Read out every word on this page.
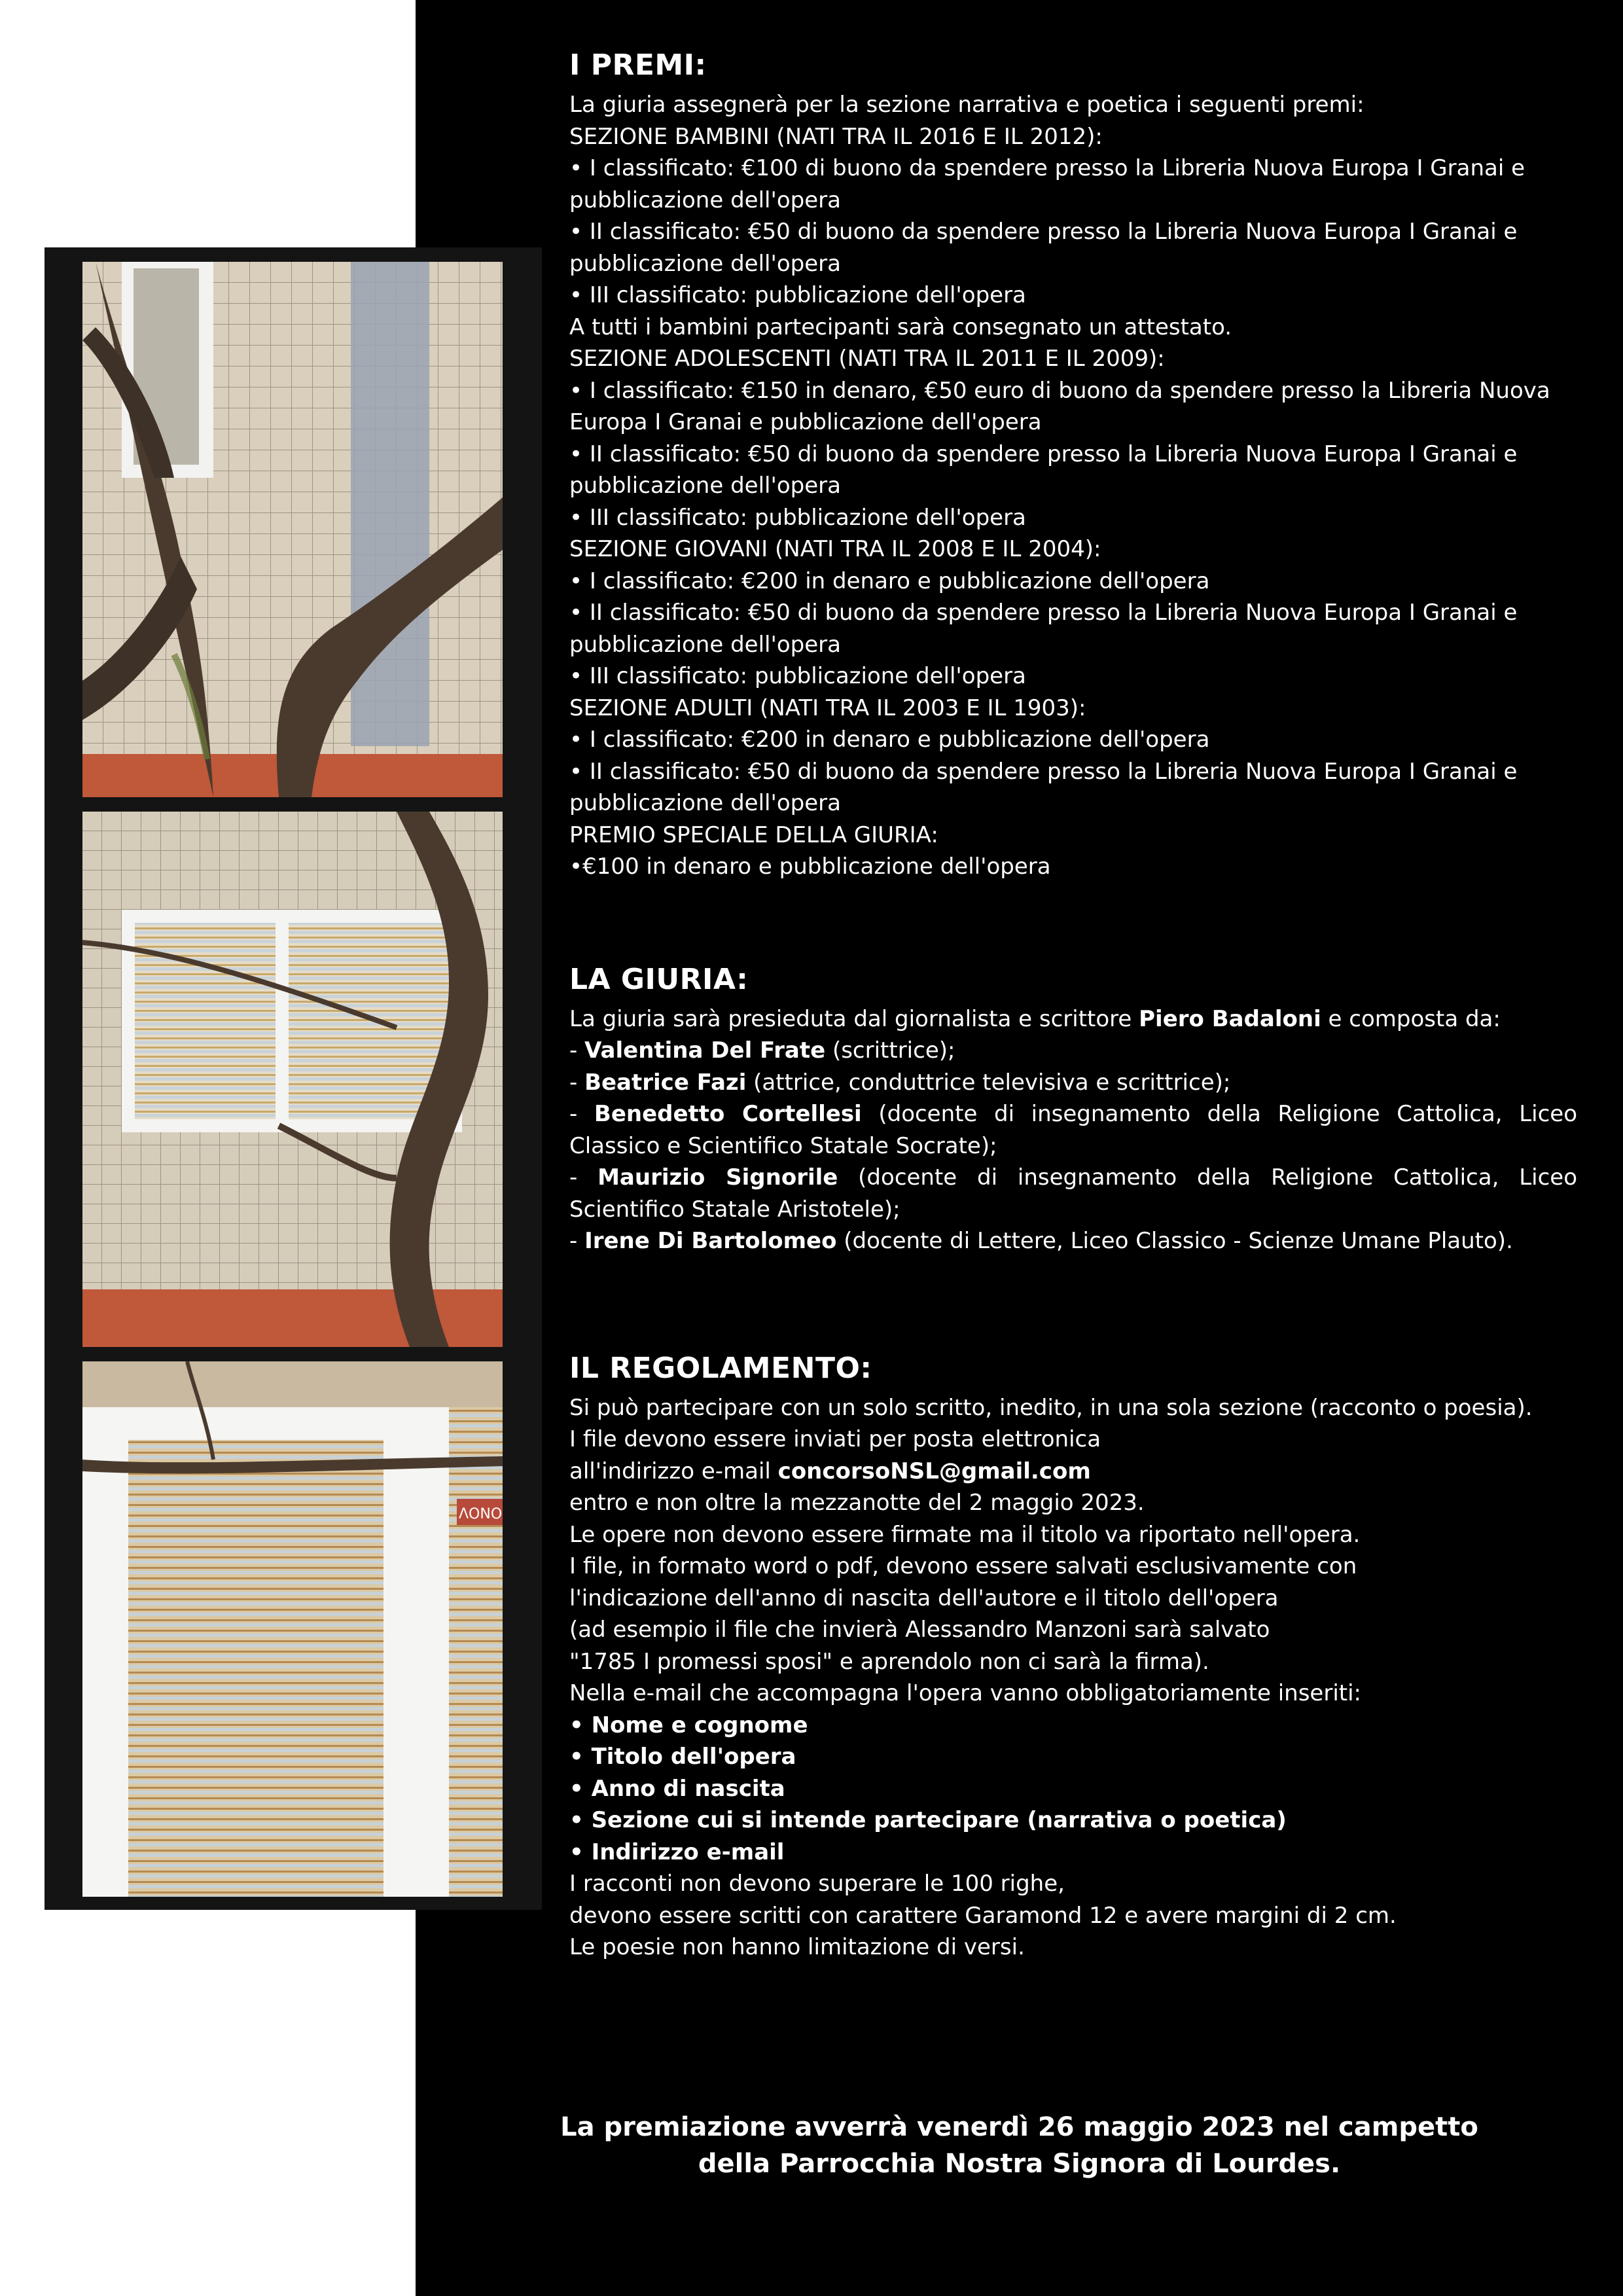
ΛΟΝΟ
I PREMI:

La giuria assegnerà per la sezione narrativa e poetica i seguenti premi:

SEZIONE BAMBINI (NATI TRA IL 2016 E IL 2012):

• I classificato: €100 di buono da spendere presso la Libreria Nuova Europa I Granai e

pubblicazione dell'opera

• II classificato: €50 di buono da spendere presso la Libreria Nuova Europa I Granai e

pubblicazione dell'opera

• III classificato: pubblicazione dell'opera

A tutti i bambini partecipanti sarà consegnato un attestato.

SEZIONE ADOLESCENTI (NATI TRA IL 2011 E IL 2009):

• I classificato: €150 in denaro, €50 euro di buono da spendere presso la Libreria Nuova

Europa I Granai e pubblicazione dell'opera

• II classificato: €50 di buono da spendere presso la Libreria Nuova Europa I Granai e

pubblicazione dell'opera

• III classificato: pubblicazione dell'opera

SEZIONE GIOVANI (NATI TRA IL 2008 E IL 2004):

• I classificato: €200 in denaro e pubblicazione dell'opera

• II classificato: €50 di buono da spendere presso la Libreria Nuova Europa I Granai e

pubblicazione dell'opera

• III classificato: pubblicazione dell'opera

SEZIONE ADULTI (NATI TRA IL 2003 E IL 1903):

• I classificato: €200 in denaro e pubblicazione dell'opera

• II classificato: €50 di buono da spendere presso la Libreria Nuova Europa I Granai e

pubblicazione dell'opera

PREMIO SPECIALE DELLA GIURIA:

•€100 in denaro e pubblicazione dell'opera

LA GIURIA:

La giuria sarà presieduta dal giornalista e scrittore Piero Badaloni e composta da:

- Valentina Del Frate (scrittrice);

- Beatrice Fazi (attrice, conduttrice televisiva e scrittrice);

- Benedetto Cortellesi (docente di insegnamento della Religione Cattolica, Liceo Classico e Scientifico Statale Socrate);

- Maurizio Signorile (docente di insegnamento della Religione Cattolica, Liceo Scientifico Statale Aristotele);

- Irene Di Bartolomeo (docente di Lettere, Liceo Classico - Scienze Umane Plauto).

IL REGOLAMENTO:

Si può partecipare con un solo scritto, inedito, in una sola sezione (racconto o poesia).

I file devono essere inviati per posta elettronica

all'indirizzo e-mail concorsoNSL@gmail.com

entro e non oltre la mezzanotte del 2 maggio 2023.

Le opere non devono essere firmate ma il titolo va riportato nell'opera.

I file, in formato word o pdf, devono essere salvati esclusivamente con

l'indicazione dell'anno di nascita dell'autore e il titolo dell'opera

(ad esempio il file che invierà Alessandro Manzoni sarà salvato

"1785 I promessi sposi" e aprendolo non ci sarà la firma).

Nella e-mail che accompagna l'opera vanno obbligatoriamente inseriti:

• Nome e cognome

• Titolo dell'opera

• Anno di nascita

• Sezione cui si intende partecipare (narrativa o poetica)

• Indirizzo e-mail

I racconti non devono superare le 100 righe,

devono essere scritti con carattere Garamond 12 e avere margini di 2 cm.

Le poesie non hanno limitazione di versi.

La premiazione avverrà venerdì 26 maggio 2023 nel campetto
della Parrocchia Nostra Signora di Lourdes.
